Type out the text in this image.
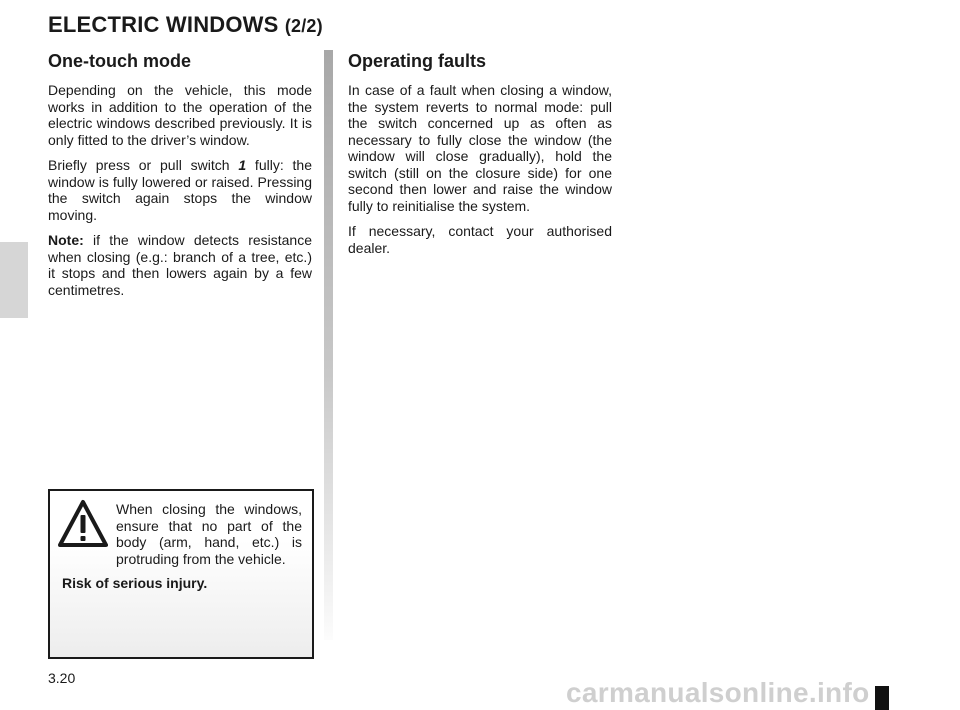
ELECTRIC WINDOWS (2/2)
One-touch mode

Depending on the vehicle, this mode works in addition to the operation of the electric windows described previously. It is only fitted to the driver’s window.

Briefly press or pull switch 1 fully: the window is fully lowered or raised. Pressing the switch again stops the window moving.

Note: if the window detects resistance when closing (e.g.: branch of a tree, etc.) it stops and then lowers again by a few centimetres.

Operating faults

In case of a fault when closing a window, the system reverts to normal mode: pull the switch concerned up as often as necessary to fully close the window (the window will close gradually), hold the switch (still on the closure side) for one second then lower and raise the window fully to reinitialise the system.

If necessary, contact your authorised dealer.

When closing the windows, ensure that no part of the body (arm, hand, etc.) is protruding from the vehicle.

Risk of serious injury.

3.20	carmanualsonline.info
